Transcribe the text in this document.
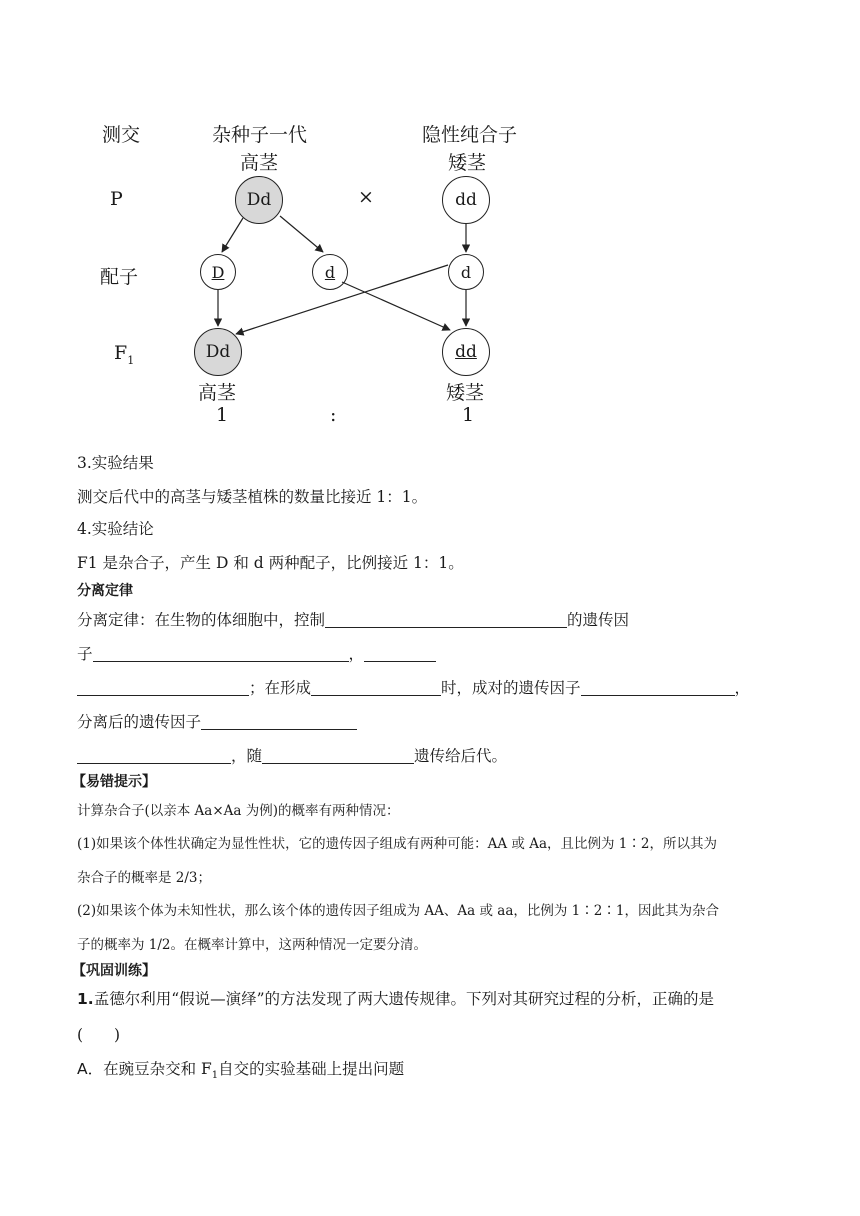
测交	杂种子一代	隐性纯合子
高茎	矮茎
P	Dd	×	dd
配子	D	d	d
$F_1$	Dd	dd
高茎	矮茎
1	:	1
3.实验结果
测交后代中的高茎与矮茎植株的数量比接近 1：1。
4.实验结论
F1 是杂合子，产生 D 和 d 两种配子，比例接近 1：1。
分离定律
分离定律：在生物的体细胞中，控制	的遗传因
子	，
；在形成	时，成对的遗传因子	，
分离后的遗传因子
，随	遗传给后代。
【易错提示】
计算杂合子(以亲本 Aa×Aa 为例)的概率有两种情况：
(1)如果该个体性状确定为显性性状，它的遗传因子组成有两种可能：AA 或 Aa，且比例为 1∶2，所以其为
杂合子的概率是 2/3；
(2)如果该个体为未知性状，那么该个体的遗传因子组成为 AA、Aa 或 aa，比例为 1∶2∶1，因此其为杂合
子的概率为 1/2。在概率计算中，这两种情况一定要分清。
【巩固训练】
1.孟德尔利用“假说—演绎”的方法发现了两大遗传规律。下列对其研究过程的分析，正确的是
(　　)
A．在豌豆杂交和 $F_1$自交的实验基础上提出问题
